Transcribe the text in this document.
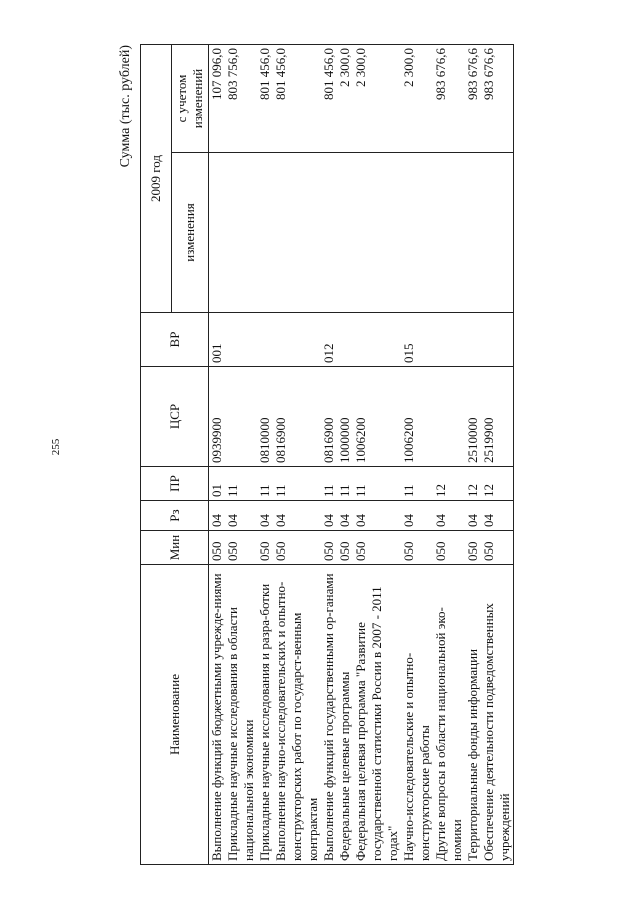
255
Сумма (тыс. рублей)
Наименование	Мин	Рз	ПР	ЦСР	ВР	2009 год	
						изменения	с учетом изменений
Выполнение функций бюджетными учрежде-ниями	050	04	01	0939900	001		107 096,0
Прикладные научные исследования в области национальной экономики	050	04	11				803 756,0
Прикладные научные исследования и разра-ботки	050	04	11	0810000			801 456,0
Выполнение научно-исследовательских и опытно-конструкторских работ по государст-венным контрактам	050	04	11	0816900			801 456,0
Выполнение функций государственными ор-ганами	050	04	11	0816900	012		801 456,0
Федеральные целевые программы	050	04	11	1000000			2 300,0
Федеральная целевая программа "Развитие государственной статистики России в 2007 - 2011 годах"	050	04	11	1006200			2 300,0
Научно-исследовательские и опытно-конструкторские работы	050	04	11	1006200	015		2 300,0
Другие вопросы в области национальной эко-номики	050	04	12				983 676,6
Территориальные фонды информации	050	04	12	2510000			983 676,6
Обеспечение деятельности подведомственных учреждений	050	04	12	2519900			983 676,6
